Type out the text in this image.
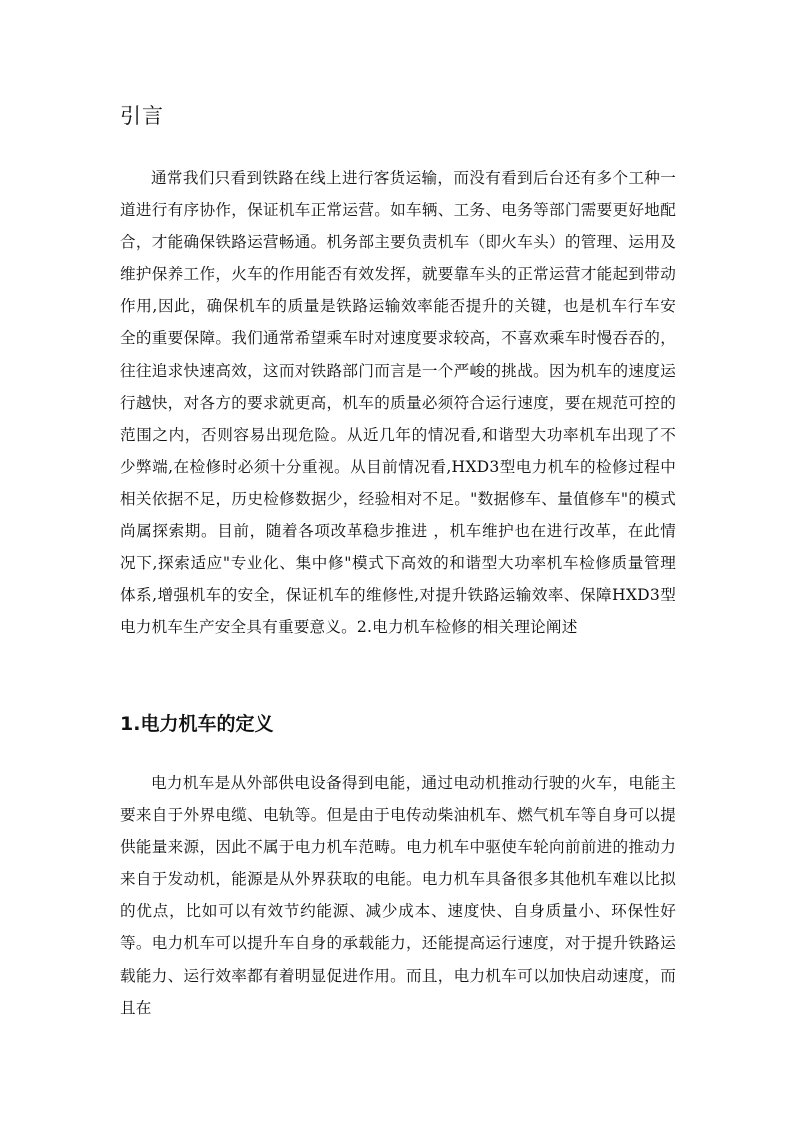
引言

通常我们只看到铁路在线上进行客货运输，而没有看到后台还有多个工种一道进行有序协作，保证机车正常运营。如车辆、工务、电务等部门需要更好地配合，才能确保铁路运营畅通。机务部主要负责机车（即火车头）的管理、运用及维护保养工作，火车的作用能否有效发挥，就要靠车头的正常运营才能起到带动作用,因此，确保机车的质量是铁路运输效率能否提升的关键，也是机车行车安全的重要保障。我们通常希望乘车时对速度要求较高，不喜欢乘车时慢吞吞的，往往追求快速高效，这而对铁路部门而言是一个严峻的挑战。因为机车的速度运行越快，对各方的要求就更高，机车的质量必须符合运行速度，要在规范可控的范围之内，否则容易出现危险。从近几年的情况看,和谐型大功率机车出现了不少弊端,在检修时必须十分重视。从目前情况看,HXD3型电力机车的检修过程中相关依据不足，历史检修数据少，经验相对不足。"数据修车、量值修车"的模式尚属探索期。目前，随着各项改革稳步推进 ，机车维护也在进行改革，在此情况下,探索适应"专业化、集中修"模式下高效的和谐型大功率机车检修质量管理体系,增强机车的安全，保证机车的维修性,对提升铁路运输效率、保障HXD3型电力机车生产安全具有重要意义。2.电力机车检修的相关理论阐述

1.电力机车的定义

电力机车是从外部供电设备得到电能，通过电动机推动行驶的火车，电能主要来自于外界电缆、电轨等。但是由于电传动柴油机车、燃气机车等自身可以提供能量来源，因此不属于电力机车范畴。电力机车中驱使车轮向前前进的推动力来自于发动机，能源是从外界获取的电能。电力机车具备很多其他机车难以比拟的优点，比如可以有效节约能源、减少成本、速度快、自身质量小、环保性好等。电力机车可以提升车自身的承载能力，还能提高运行速度，对于提升铁路运载能力、运行效率都有着明显促进作用。而且，电力机车可以加快启动速度，而且在
